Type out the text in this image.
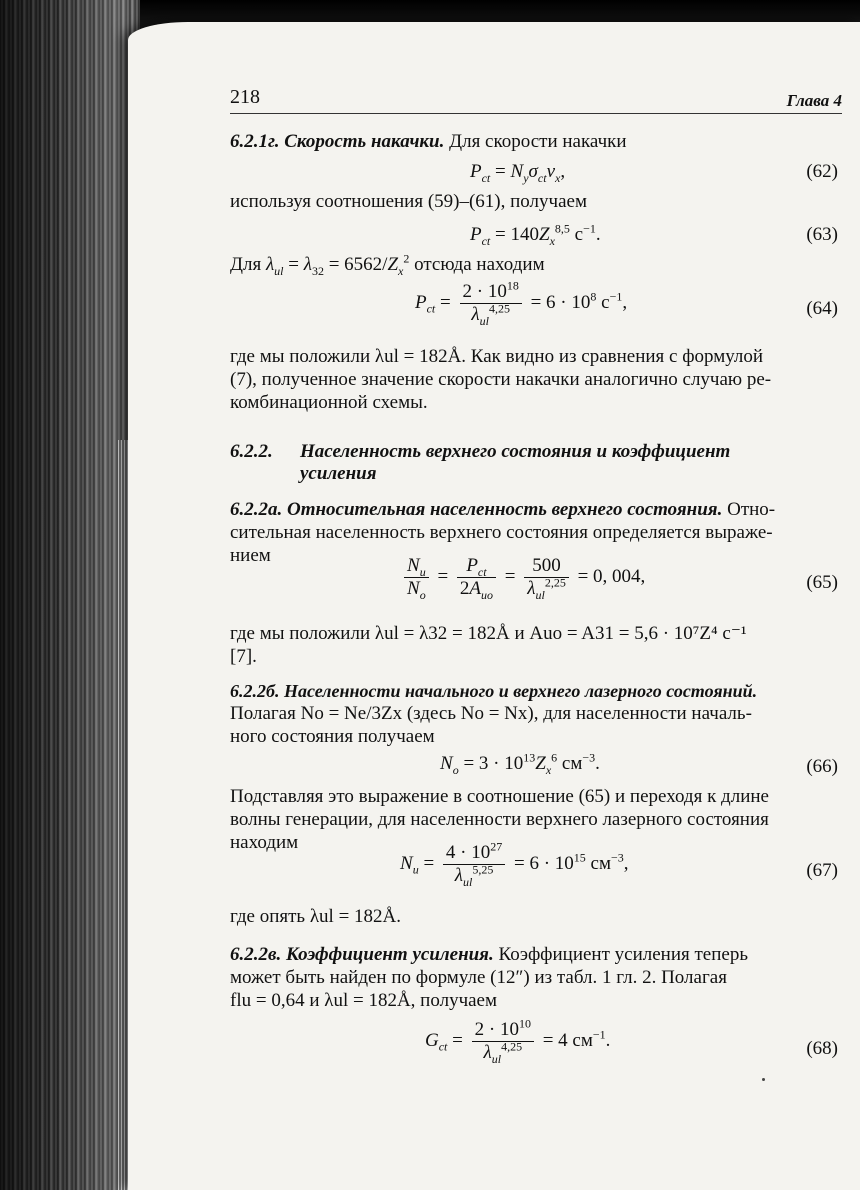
218	Глава 4
6.2.1г. Скорость накачки. Для скорости накачки
$P_{ct} = N_y\sigma_{ct}v_x$,	(62)
используя соотношения (59)–(61), получаем
$P_{ct} = 140Z_x^{8,5}$ $с^{-1}$.	(63)
Для $\lambda_{ul} = \lambda_{32} = 6562/Z_x^2$ отсюда находим
$P_{ct} = \frac{2 \cdot 10^{18}}{\lambda_{ul}^{4,25}} = 6 \cdot 10^8$ $с^{-1}$,	(64)
где мы положили λul = 182Å. Как видно из сравнения с формулой
(7), полученное значение скорости накачки аналогично случаю ре-
комбинационной схемы.
6.2.2. Населенность верхнего состояния и коэффициент
усиления
6.2.2а. Относительная населенность верхнего состояния. Отно-
сительная населенность верхнего состояния определяется выраже-
нием
$\frac{N_u}{N_o} = \frac{P_{ct}}{2A_{uo}} = \frac{500}{\lambda_{ul}^{2,25}} = 0$, 004,	(65)
где мы положили λul = λ32 = 182Å и Auo = A31 = 5,6 · 10⁷Z⁴ с⁻¹
[7].
6.2.2б. Населенности начального и верхнего лазерного состояний.
Полагая No = Ne/3Zx (здесь No = Nx), для населенности началь-
ного состояния получаем
$N_o = 3 \cdot 10^{13}Z_x^6$ $см^{-3}$.	(66)
Подставляя это выражение в соотношение (65) и переходя к длине
волны генерации, для населенности верхнего лазерного состояния
находим
$N_u = \frac{4 \cdot 10^{27}}{\lambda_{ul}^{5,25}} = 6 \cdot 10^{15}$ $см^{-3}$,	(67)
где опять λul = 182Å.
6.2.2в. Коэффициент усиления. Коэффициент усиления теперь
может быть найден по формуле (12″) из табл. 1 гл. 2. Полагая
flu = 0,64 и λul = 182Å, получаем
$G_{ct} = \frac{2 \cdot 10^{10}}{\lambda_{ul}^{4,25}} = 4$ $см^{-1}$.	(68)
